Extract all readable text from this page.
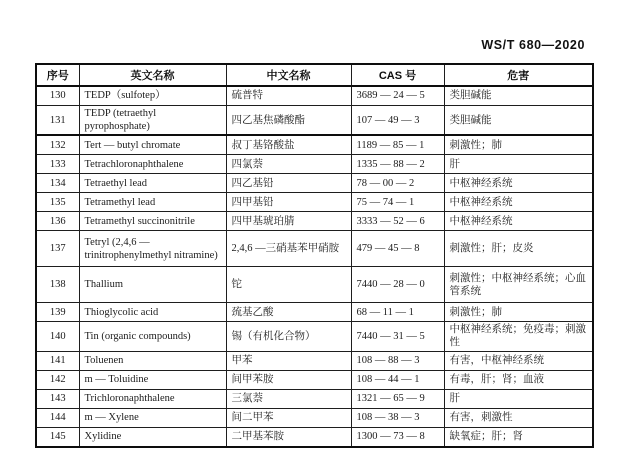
WS/T 680—2020
序号	英文名称	中文名称	CAS 号	危害
130	TEDP（sulfotep）	硫普特	3689 — 24 — 5	类胆碱能
131	TEDP (tetraethyl pyrophosphate)	四乙基焦磷酸酯	107 — 49 — 3	类胆碱能
132	Tert — butyl chromate	叔丁基铬酸盐	1189 — 85 — 1	刺激性；肺
133	Tetrachloronaphthalene	四氯萘	1335 — 88 — 2	肝
134	Tetraethyl lead	四乙基铅	78 — 00 — 2	中枢神经系统
135	Tetramethyl lead	四甲基铅	75 — 74 — 1	中枢神经系统
136	Tetramethyl succinonitrile	四甲基琥珀腈	3333 — 52 — 6	中枢神经系统
137	Tetryl (2,4,6 — trinitrophenylmethyl nitramine)	2,4,6 —三硝基苯甲硝胺	479 — 45 — 8	刺激性；肝；皮炎
138	Thallium	铊	7440 — 28 — 0	刺激性；中枢神经系统；心血管系统
139	Thioglycolic acid	巯基乙酸	68 — 11 — 1	刺激性；肺
140	Tin (organic compounds)	锡（有机化合物）	7440 — 31 — 5	中枢神经系统；免疫毒；刺激性
141	Toluenen	甲苯	108 — 88 — 3	有害，中枢神经系统
142	m — Toluidine	间甲苯胺	108 — 44 — 1	有毒，肝；肾；血液
143	Trichloronaphthalene	三氯萘	1321 — 65 — 9	肝
144	m — Xylene	间二甲苯	108 — 38 — 3	有害，刺激性
145	Xylidine	二甲基苯胺	1300 — 73 — 8	缺氧症；肝；肾
